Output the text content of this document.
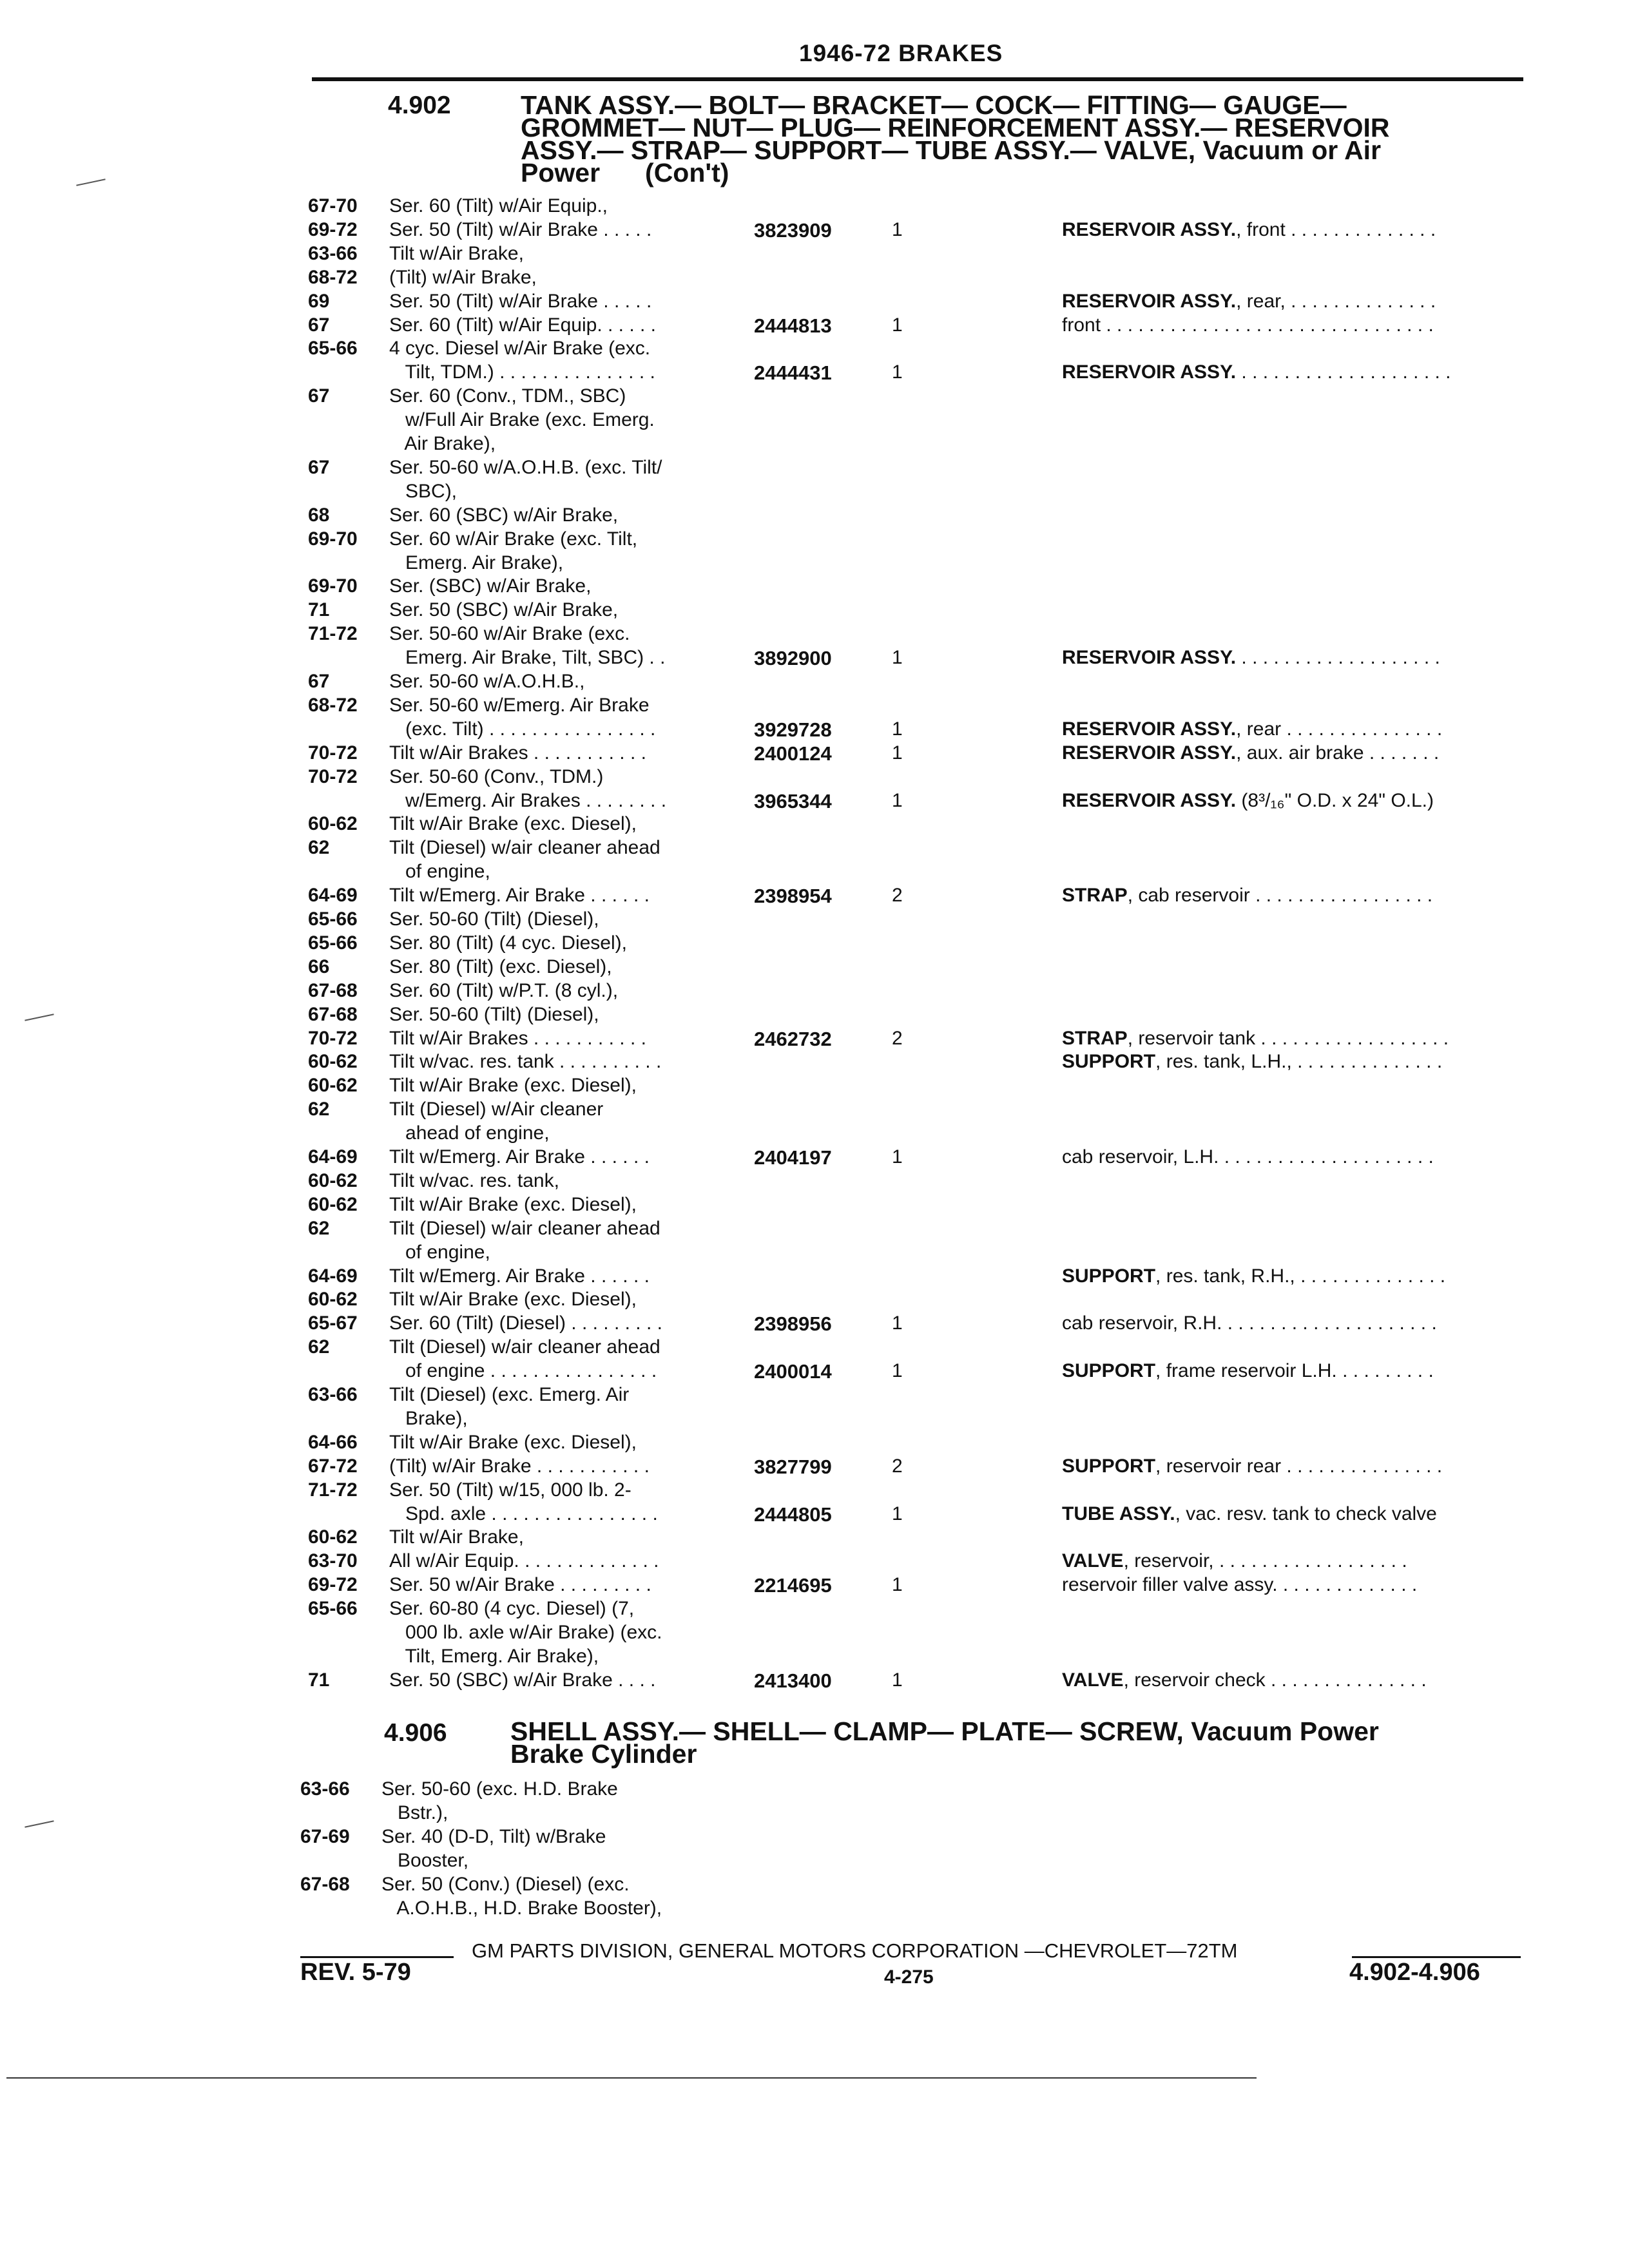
1946-72 BRAKES
4.902	TANK ASSY.— BOLT— BRACKET— COCK— FITTING— GAUGE—
GROMMET— NUT— PLUG— REINFORCEMENT ASSY.— RESERVOIR
ASSY.— STRAP— SUPPORT— TUBE ASSY.— VALVE, Vacuum or Air
Power (Con't)
67-70	Ser. 60 (Tilt) w/Air Equip.,
69-72	Ser. 50 (Tilt) w/Air Brake . . . . .	3823909	1	RESERVOIR ASSY., front . . . . . . . . . . . . . .
63-66	Tilt w/Air Brake,
68-72	(Tilt) w/Air Brake,
69	Ser. 50 (Tilt) w/Air Brake . . . . .	RESERVOIR ASSY., rear, . . . . . . . . . . . . . .
67	Ser. 60 (Tilt) w/Air Equip. . . . . .	2444813	1	front . . . . . . . . . . . . . . . . . . . . . . . . . . . . . . .
65-66	4 cyc. Diesel w/Air Brake (exc.
Tilt, TDM.) . . . . . . . . . . . . . . .	2444431	1	RESERVOIR ASSY. . . . . . . . . . . . . . . . . . . . .
67	Ser. 60 (Conv., TDM., SBC)
w/Full Air Brake (exc. Emerg.
Air Brake),
67	Ser. 50-60 w/A.O.H.B. (exc. Tilt/
SBC),
68	Ser. 60 (SBC) w/Air Brake,
69-70	Ser. 60 w/Air Brake (exc. Tilt,
Emerg. Air Brake),
69-70	Ser. (SBC) w/Air Brake,
71	Ser. 50 (SBC) w/Air Brake,
71-72	Ser. 50-60 w/Air Brake (exc.
Emerg. Air Brake, Tilt, SBC) . .	3892900	1	RESERVOIR ASSY. . . . . . . . . . . . . . . . . . . .
67	Ser. 50-60 w/A.O.H.B.,
68-72	Ser. 50-60 w/Emerg. Air Brake
(exc. Tilt) . . . . . . . . . . . . . . . .	3929728	1	RESERVOIR ASSY., rear . . . . . . . . . . . . . . .
70-72	Tilt w/Air Brakes . . . . . . . . . . .	2400124	1	RESERVOIR ASSY., aux. air brake . . . . . . .
70-72	Ser. 50-60 (Conv., TDM.)
w/Emerg. Air Brakes . . . . . . . .	3965344	1	RESERVOIR ASSY. (8³/₁₆" O.D. x 24" O.L.)
60-62	Tilt w/Air Brake (exc. Diesel),
62	Tilt (Diesel) w/air cleaner ahead
of engine,
64-69	Tilt w/Emerg. Air Brake . . . . . .	2398954	2	STRAP, cab reservoir . . . . . . . . . . . . . . . . .
65-66	Ser. 50-60 (Tilt) (Diesel),
65-66	Ser. 80 (Tilt) (4 cyc. Diesel),
66	Ser. 80 (Tilt) (exc. Diesel),
67-68	Ser. 60 (Tilt) w/P.T. (8 cyl.),
67-68	Ser. 50-60 (Tilt) (Diesel),
70-72	Tilt w/Air Brakes . . . . . . . . . . .	2462732	2	STRAP, reservoir tank . . . . . . . . . . . . . . . . . .
60-62	Tilt w/vac. res. tank . . . . . . . . . .	SUPPORT, res. tank, L.H., . . . . . . . . . . . . . .
60-62	Tilt w/Air Brake (exc. Diesel),
62	Tilt (Diesel) w/Air cleaner
ahead of engine,
64-69	Tilt w/Emerg. Air Brake . . . . . .	2404197	1	cab reservoir, L.H. . . . . . . . . . . . . . . . . . . . .
60-62	Tilt w/vac. res. tank,
60-62	Tilt w/Air Brake (exc. Diesel),
62	Tilt (Diesel) w/air cleaner ahead
of engine,
64-69	Tilt w/Emerg. Air Brake . . . . . .	SUPPORT, res. tank, R.H., . . . . . . . . . . . . . .
60-62	Tilt w/Air Brake (exc. Diesel),
65-67	Ser. 60 (Tilt) (Diesel) . . . . . . . . .	2398956	1	cab reservoir, R.H. . . . . . . . . . . . . . . . . . . . .
62	Tilt (Diesel) w/air cleaner ahead
of engine . . . . . . . . . . . . . . . .	2400014	1	SUPPORT, frame reservoir L.H. . . . . . . . . .
63-66	Tilt (Diesel) (exc. Emerg. Air
Brake),
64-66	Tilt w/Air Brake (exc. Diesel),
67-72	(Tilt) w/Air Brake . . . . . . . . . . .	3827799	2	SUPPORT, reservoir rear . . . . . . . . . . . . . . .
71-72	Ser. 50 (Tilt) w/15, 000 lb. 2-
Spd. axle . . . . . . . . . . . . . . . .	2444805	1	TUBE ASSY., vac. resv. tank to check valve
60-62	Tilt w/Air Brake,
63-70	All w/Air Equip. . . . . . . . . . . . . .	VALVE, reservoir, . . . . . . . . . . . . . . . . . .
69-72	Ser. 50 w/Air Brake . . . . . . . . .	2214695	1	reservoir filler valve assy. . . . . . . . . . . . . .
65-66	Ser. 60-80 (4 cyc. Diesel) (7,
000 lb. axle w/Air Brake) (exc.
Tilt, Emerg. Air Brake),
71	Ser. 50 (SBC) w/Air Brake . . . .	2413400	1	VALVE, reservoir check . . . . . . . . . . . . . . .
63-66	Ser. 50-60 (exc. H.D. Brake
Bstr.),
67-69	Ser. 40 (D-D, Tilt) w/Brake
Booster,
67-68	Ser. 50 (Conv.) (Diesel) (exc.
A.O.H.B., H.D. Brake Booster),
4.906 SHELL ASSY.— SHELL— CLAMP— PLATE— SCREW, Vacuum Power
Brake Cylinder
GM PARTS DIVISION, GENERAL MOTORS CORPORATION —CHEVROLET—72TM
REV. 5-79	4-275	4.902-4.906
